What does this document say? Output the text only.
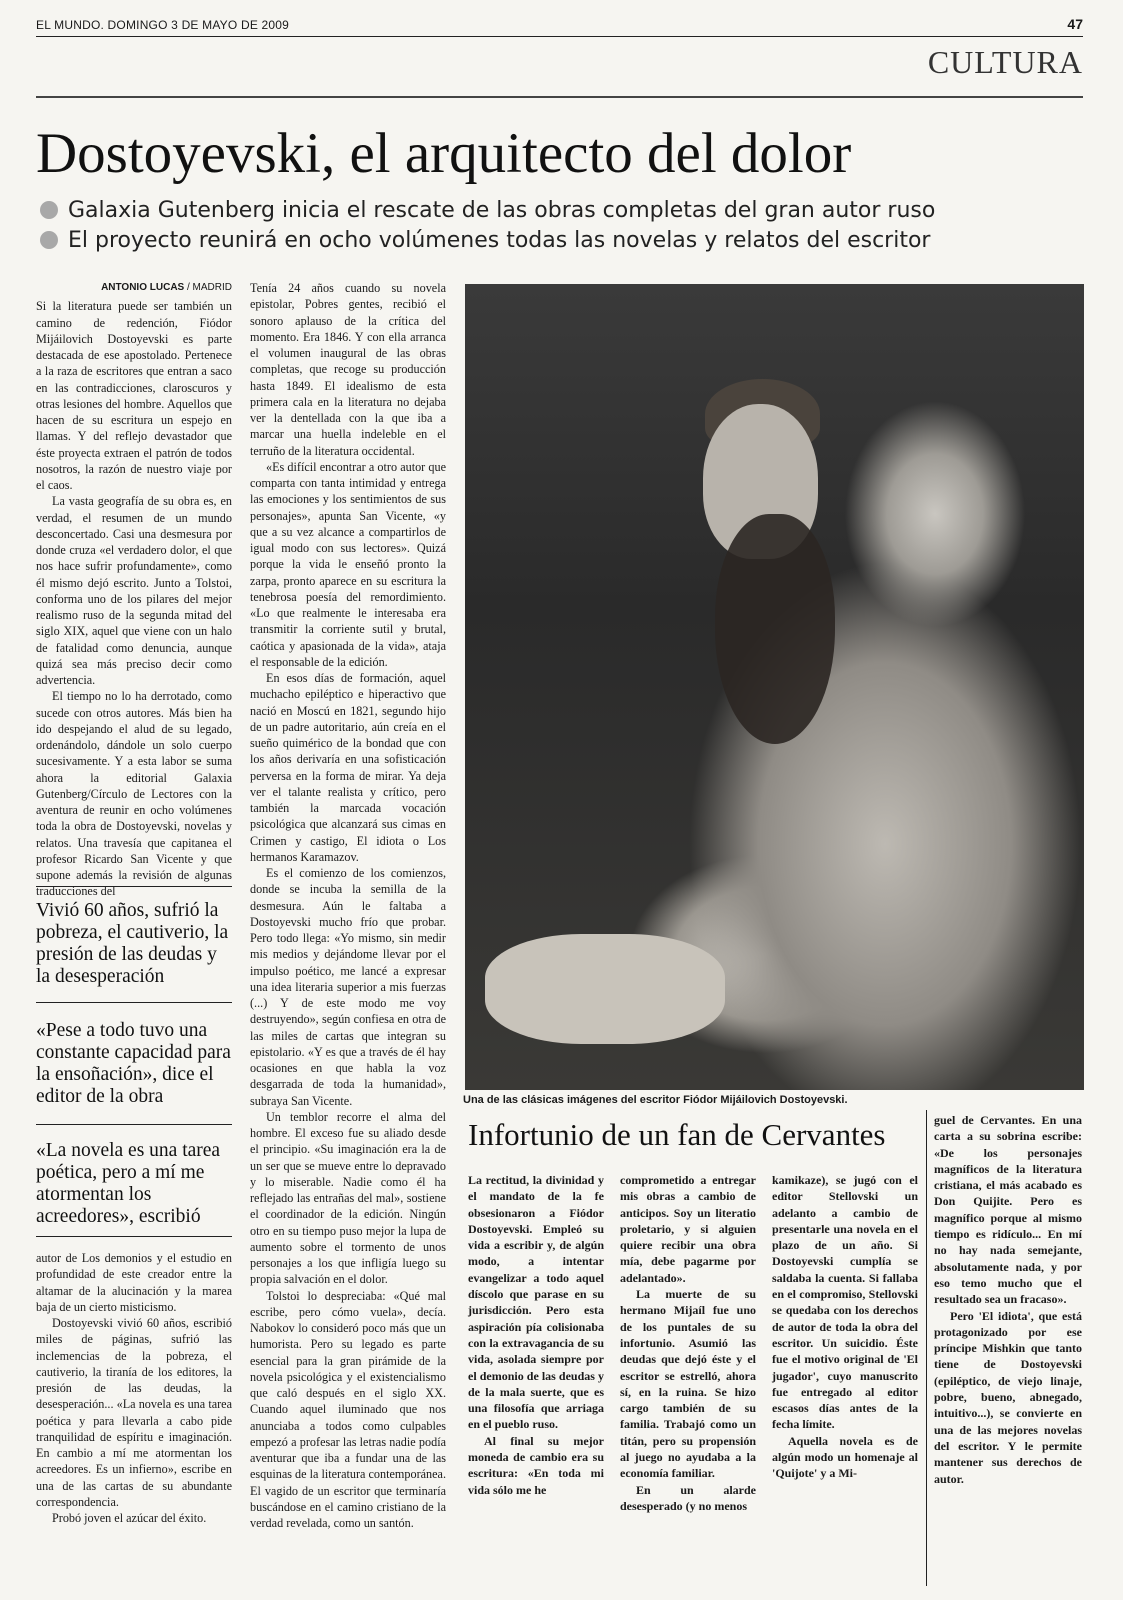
EL MUNDO. DOMINGO 3 DE MAYO DE 2009	47
CULTURA
Dostoyevski, el arquitecto del dolor
Galaxia Gutenberg inicia el rescate de las obras completas del gran autor ruso
El proyecto reunirá en ocho volúmenes todas las novelas y relatos del escritor
ANTONIO LUCAS / MADRID

Si la literatura puede ser también un camino de redención, Fiódor Mijáilovich Dostoyevski es parte destacada de ese apostolado. Pertenece a la raza de escritores que entran a saco en las contradicciones, claroscuros y otras lesiones del hombre. Aquellos que hacen de su escritura un espejo en llamas. Y del reflejo devastador que éste proyecta extraen el patrón de todos nosotros, la razón de nuestro viaje por el caos.

La vasta geografía de su obra es, en verdad, el resumen de un mundo desconcertado. Casi una desmesura por donde cruza «el verdadero dolor, el que nos hace sufrir profundamente», como él mismo dejó escrito. Junto a Tolstoi, conforma uno de los pilares del mejor realismo ruso de la segunda mitad del siglo XIX, aquel que viene con un halo de fatalidad como denuncia, aunque quizá sea más preciso decir como advertencia.

El tiempo no lo ha derrotado, como sucede con otros autores. Más bien ha ido despejando el alud de su legado, ordenándolo, dándole un solo cuerpo sucesivamente. Y a esta labor se suma ahora la editorial Galaxia Gutenberg/Círculo de Lectores con la aventura de reunir en ocho volúmenes toda la obra de Dostoyevski, novelas y relatos. Una travesía que capitanea el profesor Ricardo San Vicente y que supone además la revisión de algunas traducciones del

Vivió 60 años, sufrió la pobreza, el cautiverio, la presión de las deudas y la desesperación
«Pese a todo tuvo una constante capacidad para la ensoñación», dice el editor de la obra
«La novela es una tarea poética, pero a mí me atormentan los acreedores», escribió

autor de Los demonios y el estudio en profundidad de este creador entre la altamar de la alucinación y la marea baja de un cierto misticismo.

Dostoyevski vivió 60 años, escribió miles de páginas, sufrió las inclemencias de la pobreza, el cautiverio, la tiranía de los editores, la presión de las deudas, la desesperación... «La novela es una tarea poética y para llevarla a cabo pide tranquilidad de espíritu e imaginación. En cambio a mí me atormentan los acreedores. Es un infierno», escribe en una de las cartas de su abundante correspondencia.

Probó joven el azúcar del éxito.

Tenía 24 años cuando su novela epistolar, Pobres gentes, recibió el sonoro aplauso de la crítica del momento. Era 1846. Y con ella arranca el volumen inaugural de las obras completas, que recoge su producción hasta 1849. El idealismo de esta primera cala en la literatura no dejaba ver la dentellada con la que iba a marcar una huella indeleble en el terruño de la literatura occidental.

«Es difícil encontrar a otro autor que comparta con tanta intimidad y entrega las emociones y los sentimientos de sus personajes», apunta San Vicente, «y que a su vez alcance a compartirlos de igual modo con sus lectores». Quizá porque la vida le enseñó pronto la zarpa, pronto aparece en su escritura la tenebrosa poesía del remordimiento. «Lo que realmente le interesaba era transmitir la corriente sutil y brutal, caótica y apasionada de la vida», ataja el responsable de la edición.

En esos días de formación, aquel muchacho epiléptico e hiperactivo que nació en Moscú en 1821, segundo hijo de un padre autoritario, aún creía en el sueño quimérico de la bondad que con los años derivaría en una sofisticación perversa en la forma de mirar. Ya deja ver el talante realista y crítico, pero también la marcada vocación psicológica que alcanzará sus cimas en Crimen y castigo, El idiota o Los hermanos Karamazov.

Es el comienzo de los comienzos, donde se incuba la semilla de la desmesura. Aún le faltaba a Dostoyevski mucho frío que probar. Pero todo llega: «Yo mismo, sin medir mis medios y dejándome llevar por el impulso poético, me lancé a expresar una idea literaria superior a mis fuerzas (...) Y de este modo me voy destruyendo», según confiesa en otra de las miles de cartas que integran su epistolario. «Y es que a través de él hay ocasiones en que habla la voz desgarrada de toda la humanidad», subraya San Vicente.

Un temblor recorre el alma del hombre. El exceso fue su aliado desde el principio. «Su imaginación era la de un ser que se mueve entre lo depravado y lo miserable. Nadie como él ha reflejado las entrañas del mal», sostiene el coordinador de la edición. Ningún otro en su tiempo puso mejor la lupa de aumento sobre el tormento de unos personajes a los que infligía luego su propia salvación en el dolor.

Tolstoi lo despreciaba: «Qué mal escribe, pero cómo vuela», decía. Nabokov lo consideró poco más que un humorista. Pero su legado es parte esencial para la gran pirámide de la novela psicológica y el existencialismo que caló después en el siglo XX. Cuando aquel iluminado que nos anunciaba a todos como culpables empezó a profesar las letras nadie podía aventurar que iba a fundar una de las esquinas de la literatura contemporánea. El vagido de un escritor que terminaría buscándose en el camino cristiano de la verdad revelada, como un santón.

Una de las clásicas imágenes del escritor Fiódor Mijáilovich Dostoyevski.
Infortunio de un fan de Cervantes

La rectitud, la divinidad y el mandato de la fe obsesionaron a Fiódor Dostoyevski. Empleó su vida a escribir y, de algún modo, a intentar evangelizar a todo aquel díscolo que parase en su jurisdicción. Pero esta aspiración pía colisionaba con la extravagancia de su vida, asolada siempre por el demonio de las deudas y de la mala suerte, que es una filosofía que arriaga en el pueblo ruso.

Al final su mejor moneda de cambio era su escritura: «En toda mi vida sólo me he

comprometido a entregar mis obras a cambio de anticipos. Soy un literatio proletario, y si alguien quiere recibir una obra mía, debe pagarme por adelantado».

La muerte de su hermano Mijaíl fue uno de los puntales de su infortunio. Asumió las deudas que dejó éste y el escritor se estrelló, ahora sí, en la ruina. Se hizo cargo también de su familia. Trabajó como un titán, pero su propensión al juego no ayudaba a la economía familiar.

En un alarde desesperado (y no menos

kamikaze), se jugó con el editor Stellovski un adelanto a cambio de presentarle una novela en el plazo de un año. Si Dostoyevski cumplía se saldaba la cuenta. Si fallaba en el compromiso, Stellovski se quedaba con los derechos de autor de toda la obra del escritor. Un suicidio. Éste fue el motivo original de 'El jugador', cuyo manuscrito fue entregado al editor escasos días antes de la fecha límite.

Aquella novela es de algún modo un homenaje al 'Quijote' y a Mi-

guel de Cervantes. En una carta a su sobrina escribe: «De los personajes magníficos de la literatura cristiana, el más acabado es Don Quijite. Pero es magnífico porque al mismo tiempo es ridículo... En mí no hay nada semejante, absolutamente nada, y por eso temo mucho que el resultado sea un fracaso».

Pero 'El idiota', que está protagonizado por ese príncipe Mishkin que tanto tiene de Dostoyevski (epiléptico, de viejo linaje, pobre, bueno, abnegado, intuitivo...), se convierte en una de las mejores novelas del escritor. Y le permite mantener sus derechos de autor.
